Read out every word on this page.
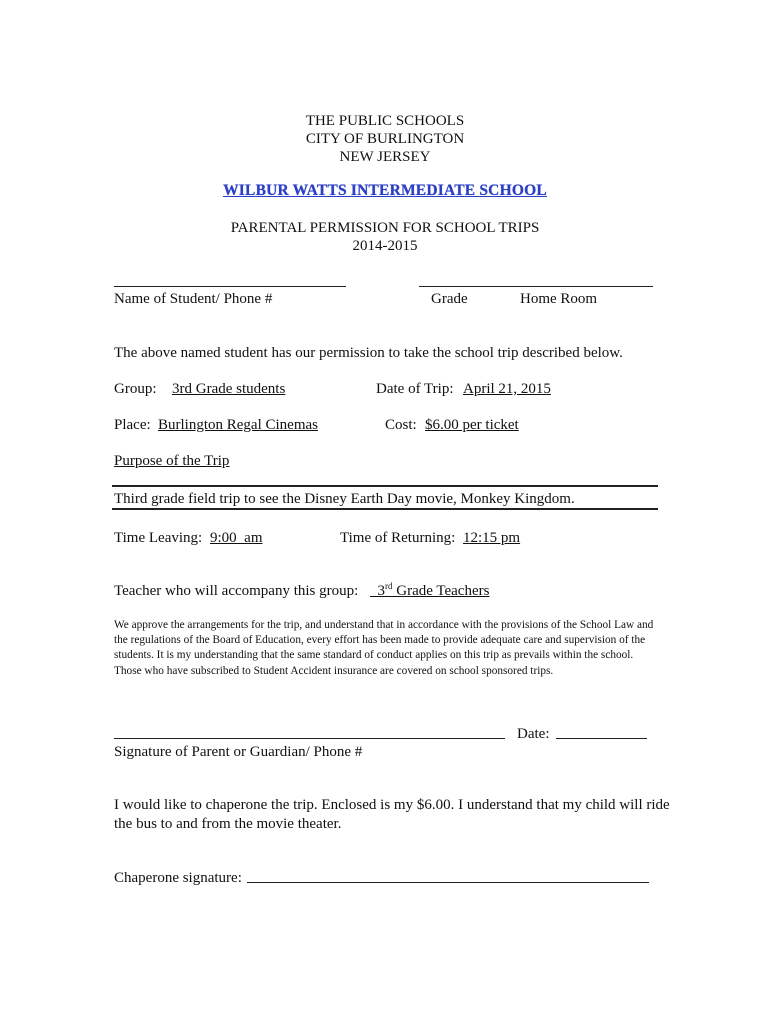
THE PUBLIC SCHOOLS
CITY OF BURLINGTON
NEW JERSEY
WILBUR WATTS INTERMEDIATE SCHOOL
PARENTAL PERMISSION FOR SCHOOL TRIPS
2014-2015
Name of Student/ Phone #	Grade	Home Room
The above named student has our permission to take the school trip described below.
Group: 3rd Grade students	Date of Trip: April 21, 2015
Place: Burlington Regal Cinemas	Cost: $6.00 per ticket
Purpose of the Trip
Third grade field trip to see the Disney Earth Day movie, Monkey Kingdom.
Time Leaving: 9:00  am	Time of Returning: 12:15 pm
Teacher who will accompany this group:	3rd Grade Teachers
We approve the arrangements for the trip, and understand that in accordance with the provisions of the School Law and the regulations of the Board of Education, every effort has been made to provide adequate care and supervision of the students. It is my understanding that the same standard of conduct applies on this trip as prevails within the school. Those who have subscribed to Student Accident insurance are covered on school sponsored trips.
Date:
Signature of Parent or Guardian/ Phone #
I would like to chaperone the trip. Enclosed is my $6.00. I understand that my child will ride the bus to and from the movie theater.
Chaperone signature:
